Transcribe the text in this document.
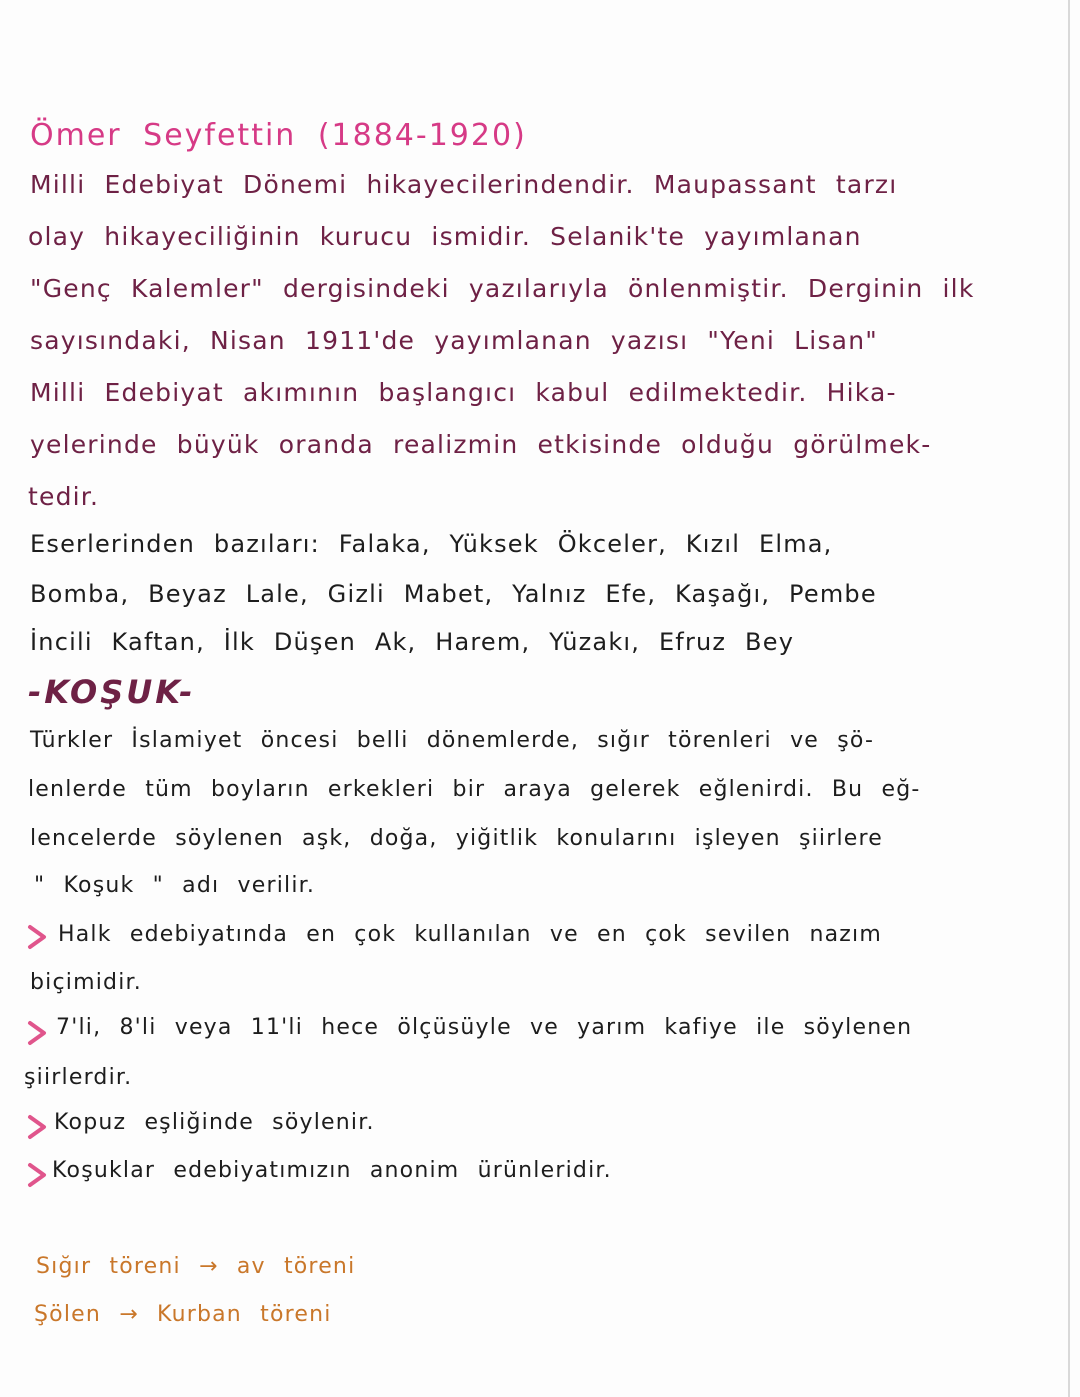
Ömer Seyfettin (1884-1920)
Milli Edebiyat Dönemi hikayecilerindendir. Maupassant tarzı
olay hikayeciliğinin kurucu ismidir. Selanik'te yayımlanan
"Genç Kalemler" dergisindeki yazılarıyla önlenmiştir. Derginin ilk
sayısındaki, Nisan 1911'de yayımlanan yazısı "Yeni Lisan"
Milli Edebiyat akımının başlangıcı kabul edilmektedir. Hika-
yelerinde büyük oranda realizmin etkisinde olduğu görülmek-
tedir.
Eserlerinden bazıları: Falaka, Yüksek Ökceler, Kızıl Elma,
Bomba, Beyaz Lale, Gizli Mabet, Yalnız Efe, Kaşağı, Pembe
İncili Kaftan, İlk Düşen Ak, Harem, Yüzakı, Efruz Bey
-KOŞUK-
Türkler İslamiyet öncesi belli dönemlerde, sığır törenleri ve şö-
lenlerde tüm boyların erkekleri bir araya gelerek eğlenirdi. Bu eğ-
lencelerde söylenen aşk, doğa, yiğitlik konularını işleyen şiirlere
" Koşuk " adı verilir.
Halk edebiyatında en çok kullanılan ve en çok sevilen nazım
biçimidir.
7'li, 8'li veya 11'li hece ölçüsüyle ve yarım kafiye ile söylenen
şiirlerdir.
Kopuz eşliğinde söylenir.
Koşuklar edebiyatımızın anonim ürünleridir.
Sığır töreni → av töreni
Şölen → Kurban töreni
